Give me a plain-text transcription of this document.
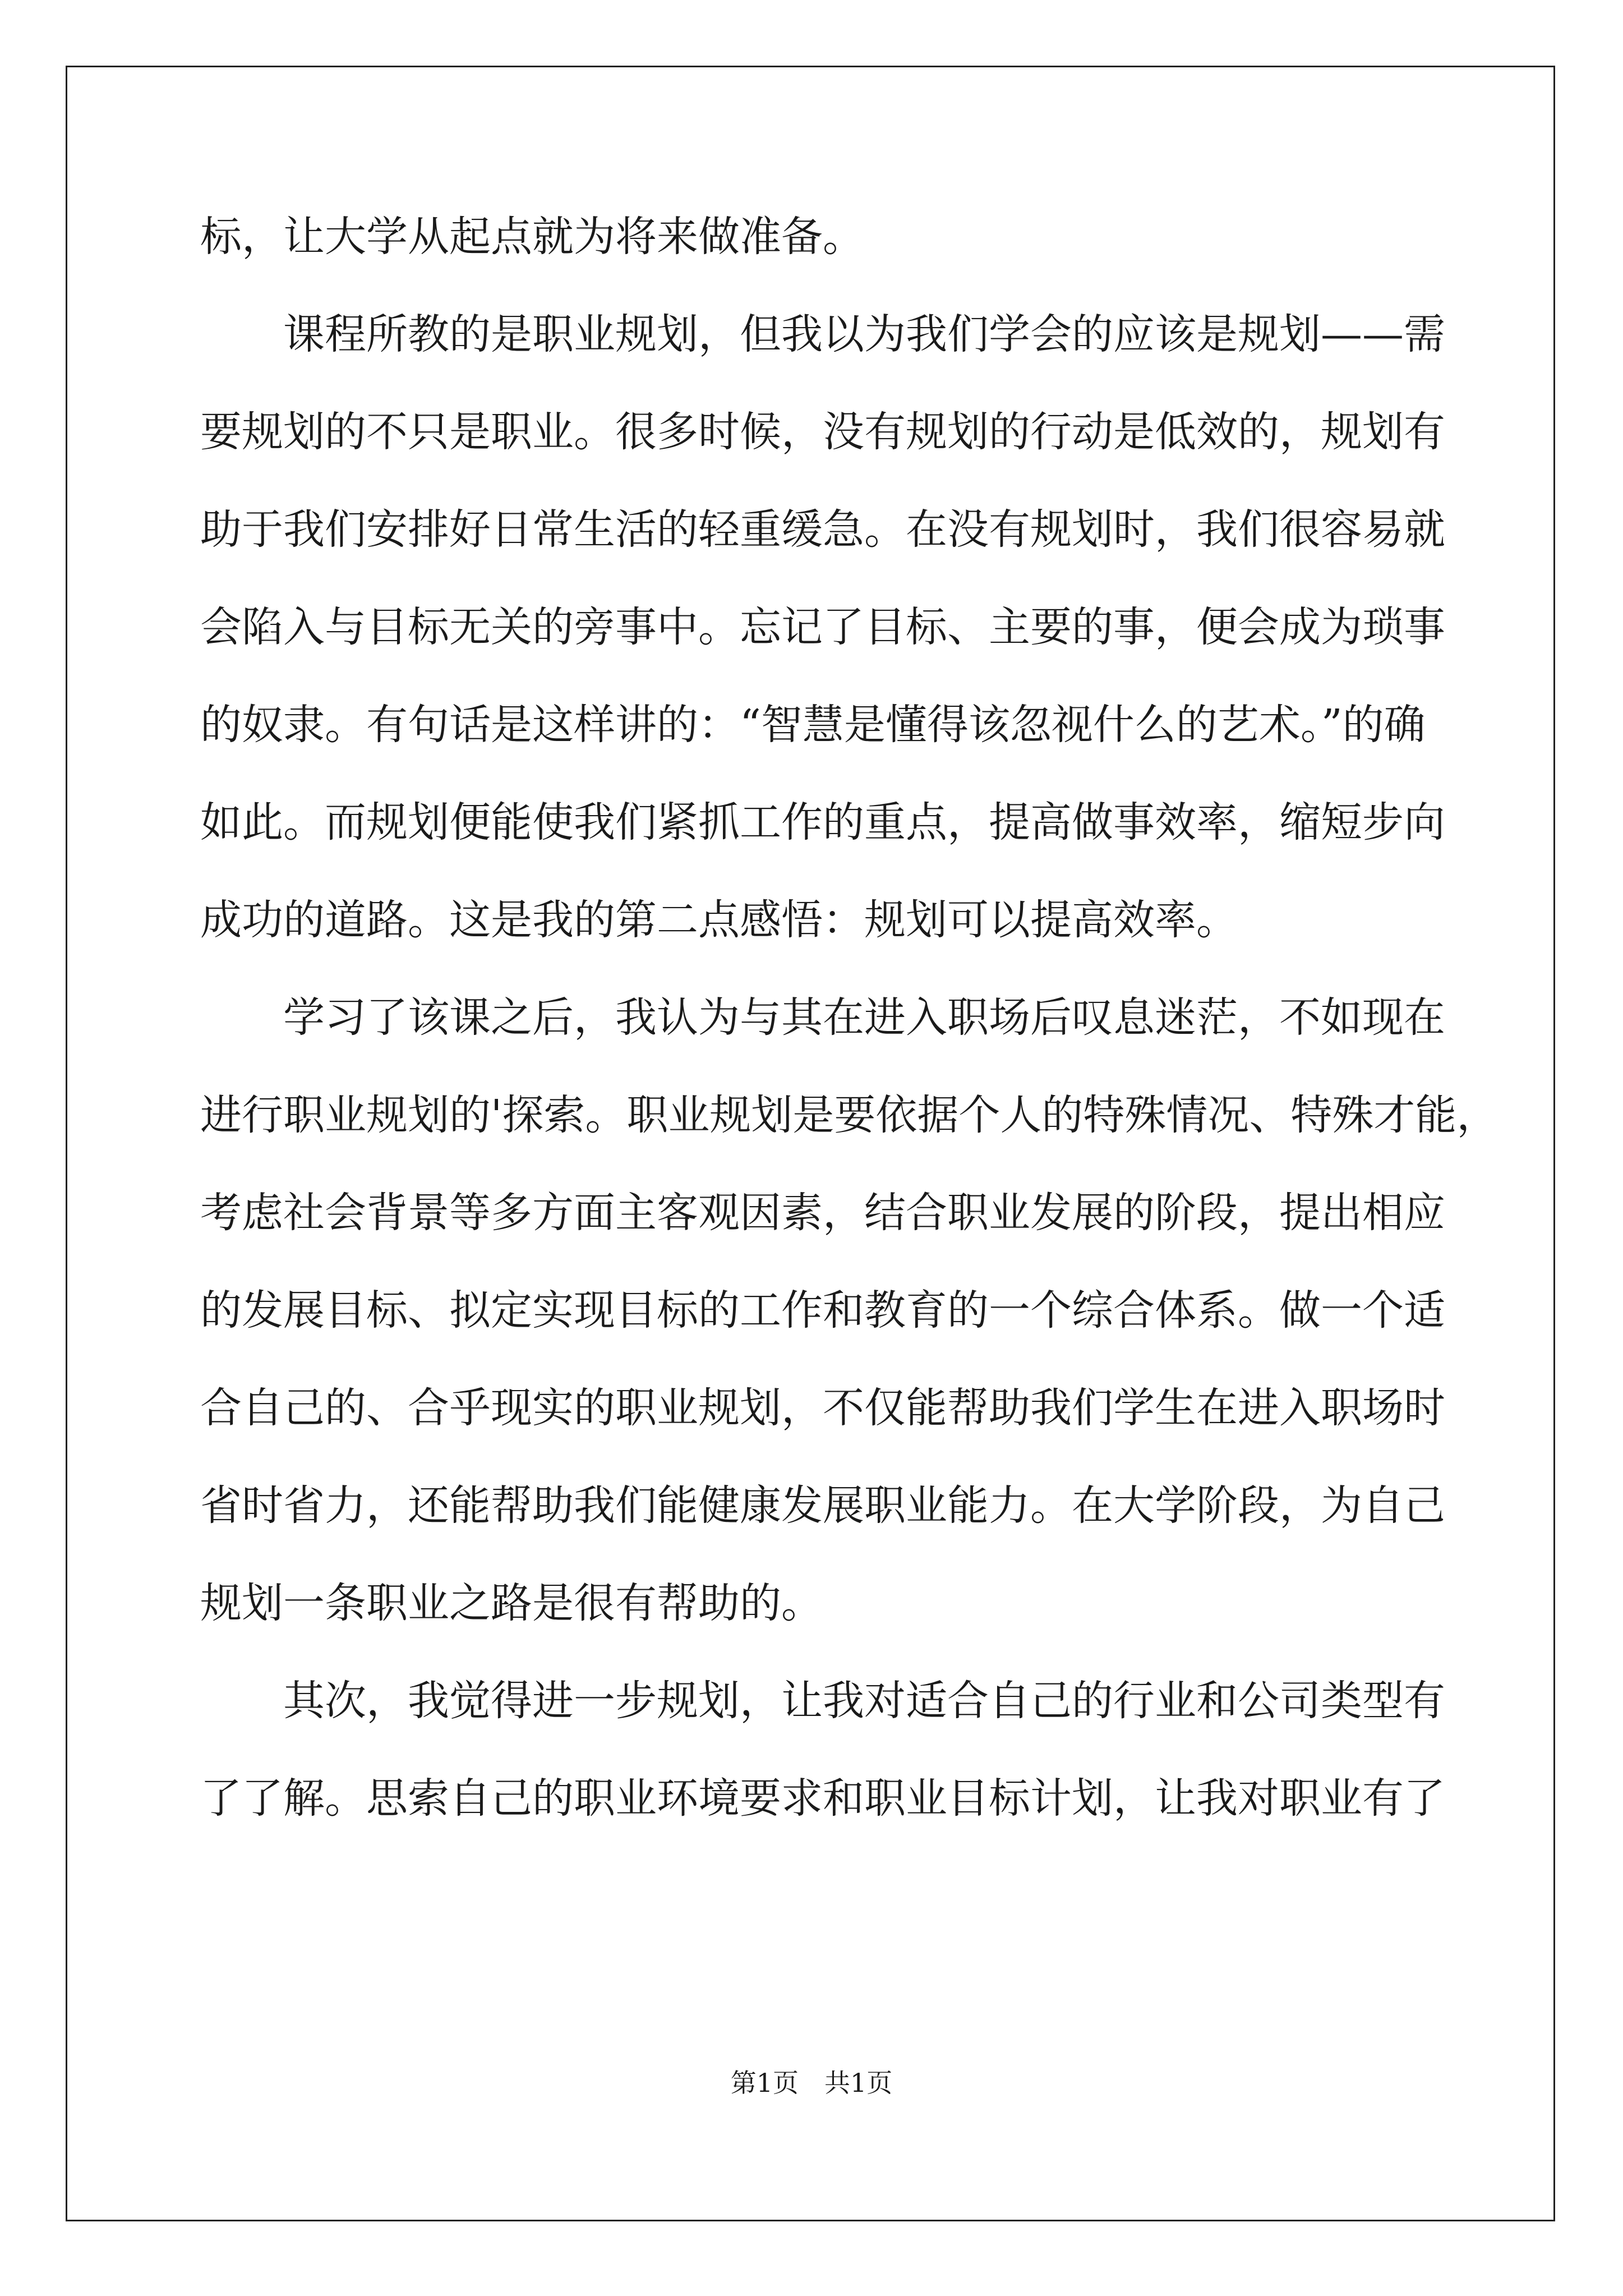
标，让大学从起点就为将来做准备。
　　课程所教的是职业规划，但我以为我们学会的应该是规划——需
要规划的不只是职业。很多时候，没有规划的行动是低效的，规划有
助于我们安排好日常生活的轻重缓急。在没有规划时，我们很容易就
会陷入与目标无关的旁事中。忘记了目标、主要的事，便会成为琐事
的奴隶。有句话是这样讲的：“智慧是懂得该忽视什么的艺术。”的确
如此。而规划便能使我们紧抓工作的重点，提高做事效率，缩短步向
成功的道路。这是我的第二点感悟：规划可以提高效率。
　　学习了该课之后，我认为与其在进入职场后叹息迷茫，不如现在
进行职业规划的'探索。职业规划是要依据个人的特殊情况、特殊才能，
考虑社会背景等多方面主客观因素，结合职业发展的阶段，提出相应
的发展目标、拟定实现目标的工作和教育的一个综合体系。做一个适
合自己的、合乎现实的职业规划，不仅能帮助我们学生在进入职场时
省时省力，还能帮助我们能健康发展职业能力。在大学阶段，为自己
规划一条职业之路是很有帮助的。
　　其次，我觉得进一步规划，让我对适合自己的行业和公司类型有
了了解。思索自己的职业环境要求和职业目标计划，让我对职业有了
第1页　共1页
